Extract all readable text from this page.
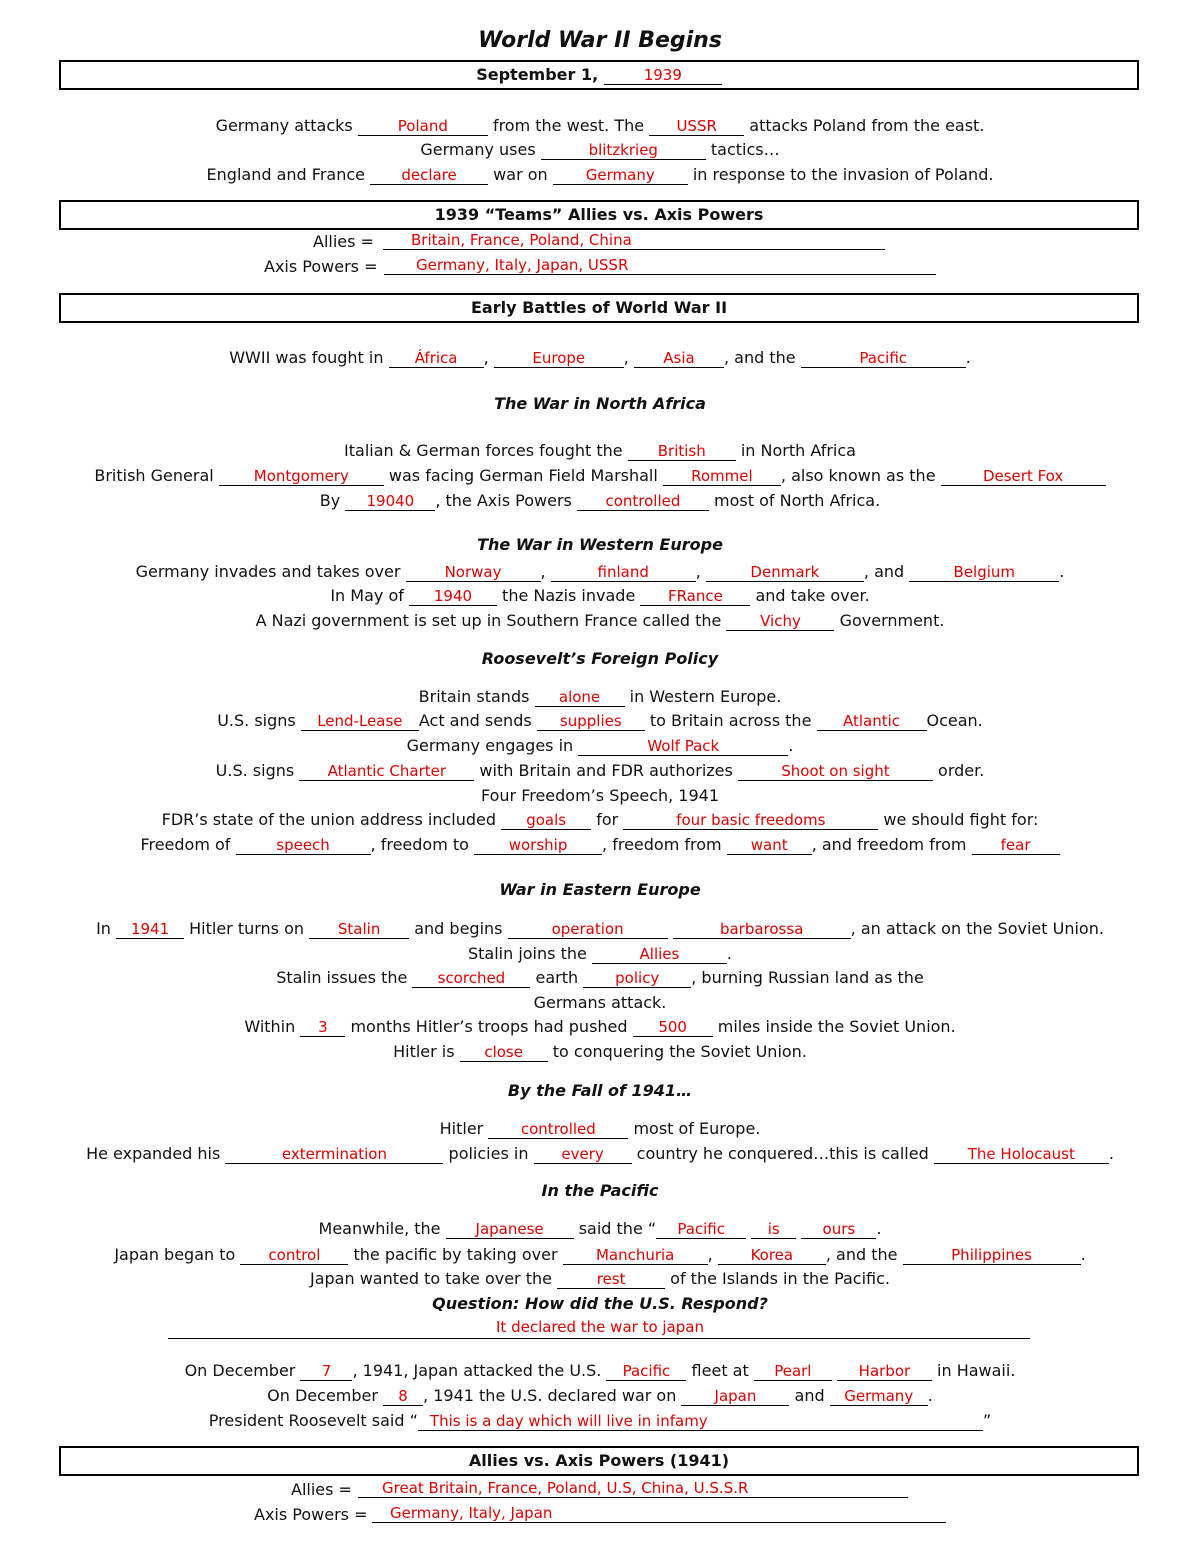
World War II Begins
September 1,	1939
Germany attacks	Poland	from the west. The USSR attacks Poland from the east.
Germany uses	blitzkrieg	tactics…
England and France declare war on	Germany in response to the invasion of Poland.
1939 “Teams” Allies vs. Axis Powers
Allies =	Britain, France, Poland, China
Axis Powers =	Germany, Italy, Japan, USSR
Early Battles of World War II
WWII was fought in África ,	Europe , Asia , and the	Pacific	.
The War in North Africa
Italian & German forces fought the British in North Africa
British General	Montgomery	was facing German Field Marshall Rommel , also known as the	Desert Fox
By 19040 , the Axis Powers controlled most of North Africa.
The War in Western Europe
Germany invades and takes over	Norway ,	finland	,	Denmark	, and	Belgium	.
In May of 1940 the Nazis invade FRance and take over.
A Nazi government is set up in Southern France called the	Vichy Government.
Roosevelt’s Foreign Policy
Britain stands alone in Western Europe.
U.S. signs Lend-Lease Act and sends supplies to Britain across the Atlantic Ocean.
Germany engages in	Wolf Pack	.
U.S. signs Atlantic Charter with Britain and FDR authorizes	Shoot on sight	order.
Four Freedom’s Speech, 1941
FDR’s state of the union address included goals for	four basic freedoms	we should fight for:
Freedom of	speech	, freedom to	worship , freedom from want , and freedom from fear
War in Eastern Europe
In 1941 Hitler turns on Stalin and begins	operation	barbarossa	, an attack on the Soviet Union.
Stalin joins the	Allies	.
Stalin issues the scorched earth policy , burning Russian land as the
Germans attack.
Within 3 months Hitler’s troops had pushed 500 miles inside the Soviet Union.
Hitler is close to conquering the Soviet Union.
By the Fall of 1941…
Hitler	controlled most of Europe.
He expanded his	extermination	policies in every country he conquered…this is called	The Holocaust .
In the Pacific
Meanwhile, the Japanese said the “ Pacific	is	ours .
Japan began to control the pacific by taking over	Manchuria ,	Korea , and the	Philippines	.
Japan wanted to take over the	rest	of the Islands in the Pacific.
Question: How did the U.S. Respond?
It declared the war to japan
On December 7 , 1941, Japan attacked the U.S. Pacific fleet at Pearl	Harbor in Hawaii.
On December 8 , 1941 the U.S. declared war on	Japan and Germany .
President Roosevelt said “ This is a day which will live in infamy	”
Allies vs. Axis Powers (1941)
Allies =	Great Britain, France, Poland, U.S, China, U.S.S.R
Axis Powers =	Germany, Italy, Japan
